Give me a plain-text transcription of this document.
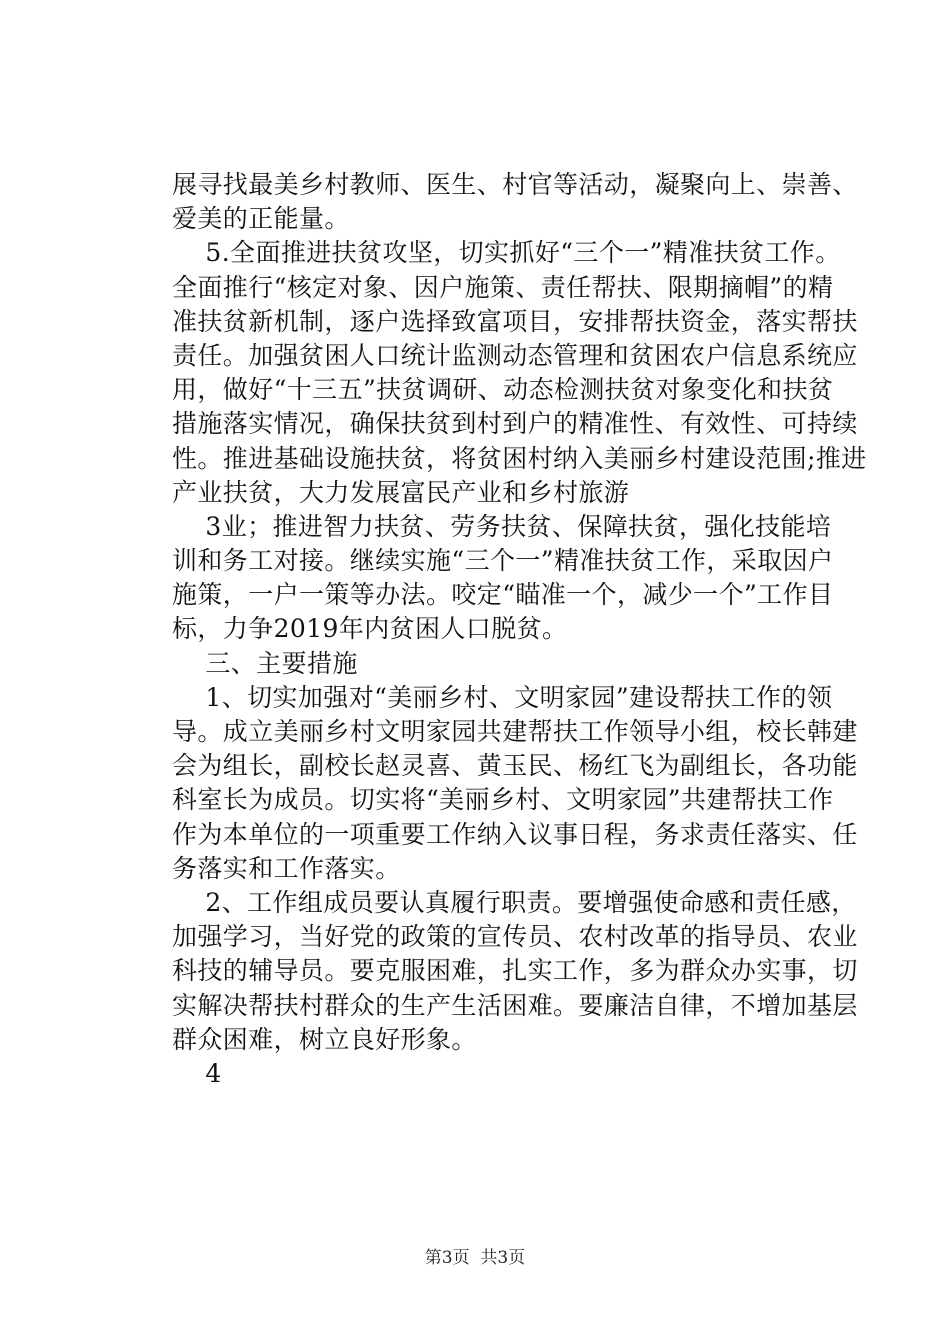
展寻找最美乡村教师、医生、村官等活动，凝聚向上、崇善、
爱美的正能量。
5.全面推进扶贫攻坚，切实抓好“三个一”精准扶贫工作。
全面推行“核定对象、因户施策、责任帮扶、限期摘帽”的精
准扶贫新机制，逐户选择致富项目，安排帮扶资金，落实帮扶
责任。加强贫困人口统计监测动态管理和贫困农户信息系统应
用，做好“十三五”扶贫调研、动态检测扶贫对象变化和扶贫
措施落实情况，确保扶贫到村到户的精准性、有效性、可持续
性。推进基础设施扶贫，将贫困村纳入美丽乡村建设范围;推进
产业扶贫，大力发展富民产业和乡村旅游
3业；推进智力扶贫、劳务扶贫、保障扶贫，强化技能培
训和务工对接。继续实施“三个一”精准扶贫工作，采取因户
施策，一户一策等办法。咬定“瞄准一个，减少一个”工作目
标，力争2019年内贫困人口脱贫。
三、主要措施
1、切实加强对“美丽乡村、文明家园”建设帮扶工作的领
导。成立美丽乡村文明家园共建帮扶工作领导小组，校长韩建
会为组长，副校长赵灵喜、黄玉民、杨红飞为副组长，各功能
科室长为成员。切实将“美丽乡村、文明家园”共建帮扶工作
作为本单位的一项重要工作纳入议事日程，务求责任落实、任
务落实和工作落实。
2、工作组成员要认真履行职责。要增强使命感和责任感，
加强学习，当好党的政策的宣传员、农村改革的指导员、农业
科技的辅导员。要克服困难，扎实工作，多为群众办实事，切
实解决帮扶村群众的生产生活困难。要廉洁自律，不增加基层
群众困难，树立良好形象。
4
第3页  共3页
